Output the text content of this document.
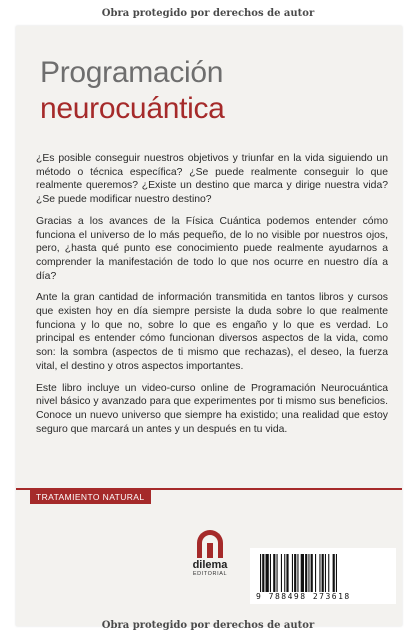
Obra protegido por derechos de autor
Programación
neurocuántica

¿Es posible conseguir nuestros objetivos y triunfar en la vida siguiendo un método o técnica específica? ¿Se puede realmente conseguir lo que realmente queremos? ¿Existe un destino que marca y dirige nuestra vida? ¿Se puede modificar nuestro destino?

Gracias a los avances de la Física Cuántica podemos entender cómo funciona el universo de lo más pequeño, de lo no visible por nuestros ojos, pero, ¿hasta qué punto ese conocimiento puede realmente ayudarnos a comprender la manifestación de todo lo que nos ocurre en nuestro día a día?

Ante la gran cantidad de información transmitida en tantos libros y cursos que existen hoy en día siempre persiste la duda sobre lo que realmente funciona y lo que no, sobre lo que es engaño y lo que es verdad. Lo principal es entender cómo funcionan diversos aspectos de la vida, como son: la sombra (aspectos de ti mismo que rechazas), el deseo, la fuerza vital, el destino y otros aspectos importantes.

Este libro incluye un video-curso online de Programación Neurocuántica nivel básico y avanzado para que experimentes por ti mismo sus beneficios. Conoce un nuevo universo que siempre ha existido; una realidad que estoy seguro que marcará un antes y un después en tu vida.

TRATAMIENTO NATURAL
dilema
EDITORIAL
9 788498 273618
Obra protegido por derechos de autor
